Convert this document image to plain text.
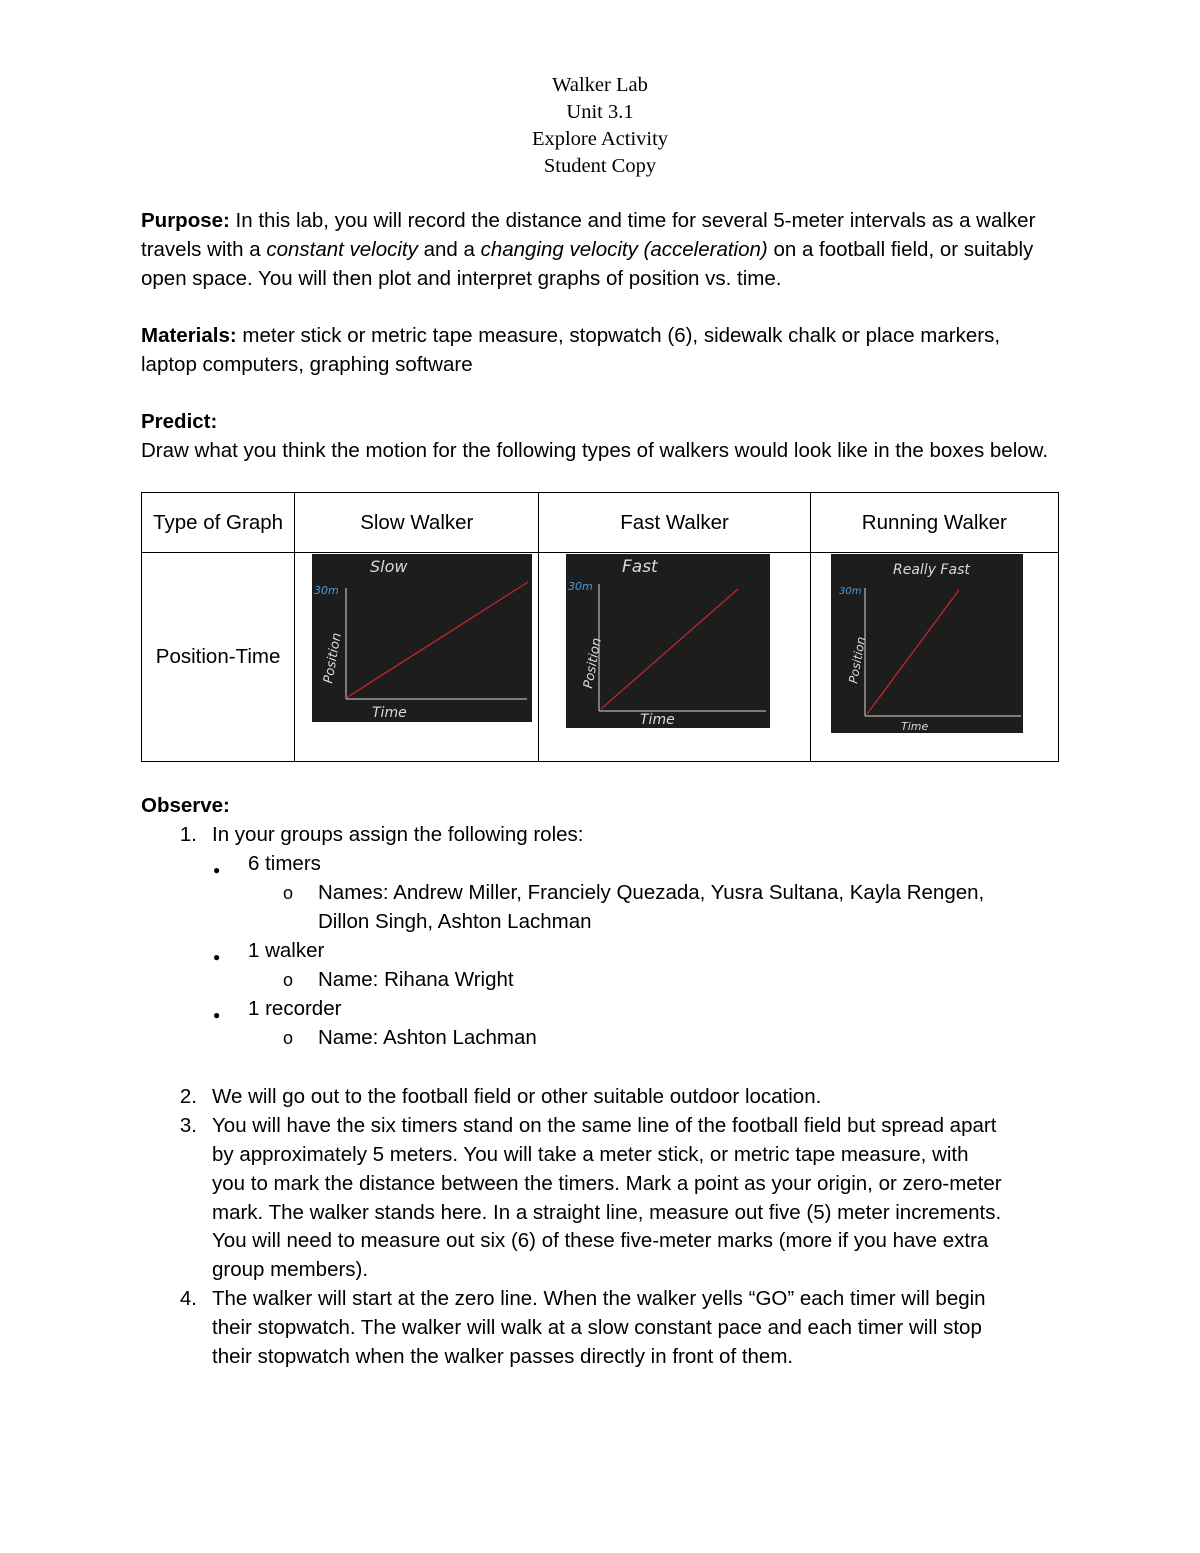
Walker Lab
Unit 3.1
Explore Activity
Student Copy
Purpose: In this lab, you will record the distance and time for several 5-meter intervals as a walker travels with a constant velocity and a changing velocity (acceleration) on a football field, or suitably open space. You will then plot and interpret graphs of position vs. time.
Materials: meter stick or metric tape measure, stopwatch (6), sidewalk chalk or place markers, laptop computers, graphing software
Predict:
Draw what you think the motion for the following types of walkers would look like in the boxes below.
Type of Graph	Slow Walker	Fast Walker	Running Walker
Position-Time	Slow
30m
Position
Time	Fast
30m
Position
Time	Really Fast
30m
Position
Time
Observe:
1. In your groups assign the following roles:
● 6 timers
o Names: Andrew Miller, Franciely Quezada, Yusra Sultana, Kayla Rengen,
Dillon Singh, Ashton Lachman
● 1 walker
o Name: Rihana Wright
● 1 recorder
o Name: Ashton Lachman
2. We will go out to the football field or other suitable outdoor location.
3. You will have the six timers stand on the same line of the football field but spread apart
by approximately 5 meters. You will take a meter stick, or metric tape measure, with
you to mark the distance between the timers. Mark a point as your origin, or zero-meter
mark. The walker stands here. In a straight line, measure out five (5) meter increments.
You will need to measure out six (6) of these five-meter marks (more if you have extra
group members).
4. The walker will start at the zero line. When the walker yells “GO” each timer will begin
their stopwatch. The walker will walk at a slow constant pace and each timer will stop
their stopwatch when the walker passes directly in front of them.
